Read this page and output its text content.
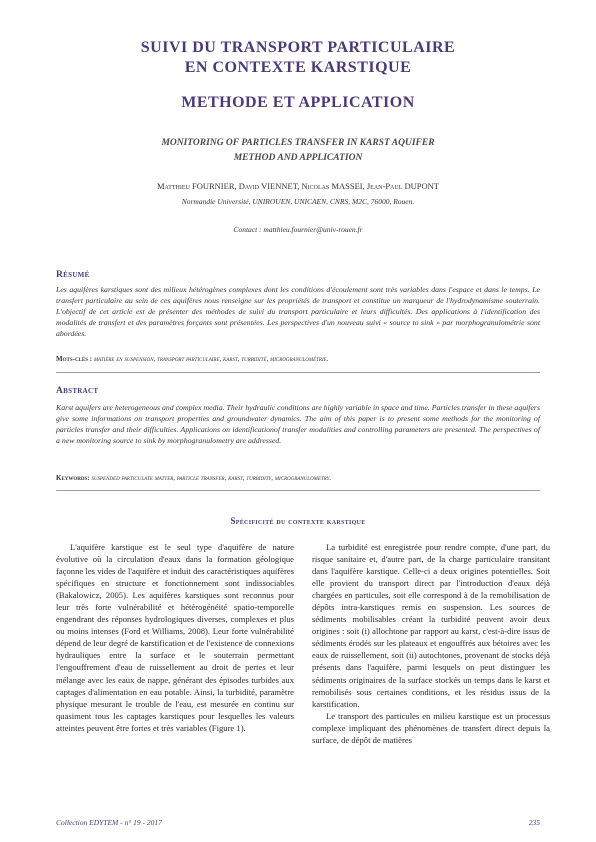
SUIVI DU TRANSPORT PARTICULAIRE
EN CONTEXTE KARSTIQUE
METHODE ET APPLICATION
MONITORING OF PARTICLES TRANSFER IN KARST AQUIFER
METHOD AND APPLICATION
Matthieu FOURNIER, David VIENNET, Nicolas MASSEI, Jean-Paul DUPONT
Normandie Université, UNIROUEN, UNICAEN, CNRS, M2C, 76000, Rouen.
Contact : matthieu.fournier@univ-rouen.fr
Résumé

Les aquifères karstiques sont des milieux hétérogènes complexes dont les conditions d'écoulement sont très variables dans l'espace et dans le temps. Le transfert particulaire au sein de ces aquifères nous renseigne sur les propriétés de transport et constitue un marqueur de l'hydrodynamisme souterrain. L'objectif de cet article est de présenter des méthodes de suivi du transport particulaire et leurs difficultés. Des applications à l'identification des modalités de transfert et des paramètres forçants sont présentées. Les perspectives d'un nouveau suivi « source to sink » par morphogranulométrie sont abordées.

Mots-clés : matière en suspension, transport particulaire, karst, turbidité, microgranulométrie.
Abstract

Karst aquifers are heterogeneous and complex media. Their hydraulic conditions are highly variable in space and time. Particles transfer in these aquifers give some informations on transport properties and groundwater dynamics. The aim of this paper is to present some methods for the monitoring of particles transfer and their difficulties. Applications on identificationof transfer modalities and controlling parameters are presented. The perspectives of a new monitoring source to sink by morphogranulometry are addressed.

Keywords: suspended particulate matter, particle transfer, karst, turbidity, microgranulometry.
Spécificité du contexte karstique

L'aquifère karstique est le seul type d'aquifère de nature évolutive où la circulation d'eaux dans la formation géologique façonne les vides de l'aquifère et induit des caractéristiques aquifères spécifiques en structure et fonctionnement sont indissociables (Bakalowicz, 2005). Les aquifères karstiques sont reconnus pour leur très forte vulnérabilité et hétérogénéité spatio-temporelle engendrant des réponses hydrologiques diverses, complexes et plus ou moins intenses (Ford et Williams, 2008). Leur forte vulnérabilité dépend de leur degré de karstification et de l'existence de connexions hydrauliques entre la surface et le souterrain permettant l'engouffrement d'eau de ruissellement au droit de pertes et leur mélange avec les eaux de nappe, générant des épisodes turbides aux captages d'alimentation en eau potable. Ainsi, la turbidité, paramètre physique mesurant le trouble de l'eau, est mesurée en continu sur quasiment tous les captages karstiques pour lesquelles les valeurs atteintes peuvent être fortes et très variables (Figure 1).

La turbidité est enregistrée pour rendre compte, d'une part, du risque sanitaire et, d'autre part, de la charge particulaire transitant dans l'aquifère karstique. Celle-ci a deux origines potentielles. Soit elle provient du transport direct par l'introduction d'eaux déjà chargées en particules, soit elle correspond à de la remobilisation de dépôts intra-karstiques remis en suspension. Les sources de sédiments mobilisables créant la turbidité peuvent avoir deux origines : soit (i) allochtone par rapport au karst, c'est-à-dire issus de sédiments érodés sur les plateaux et engouffrés aux bétoires avec les eaux de ruissellement, soit (ii) autochtones, provenant de stocks déjà présents dans l'aquifère, parmi lesquels on peut distinguer les sédiments originaires de la surface stockés un temps dans le karst et remobilisés sous certaines conditions, et les résidus issus de la karstification.

Le transport des particules en milieu karstique est un processus complexe impliquant des phénomènes de transfert direct depuis la surface, de dépôt de matières

Collection EDYTEM - n° 19 - 2017	235
